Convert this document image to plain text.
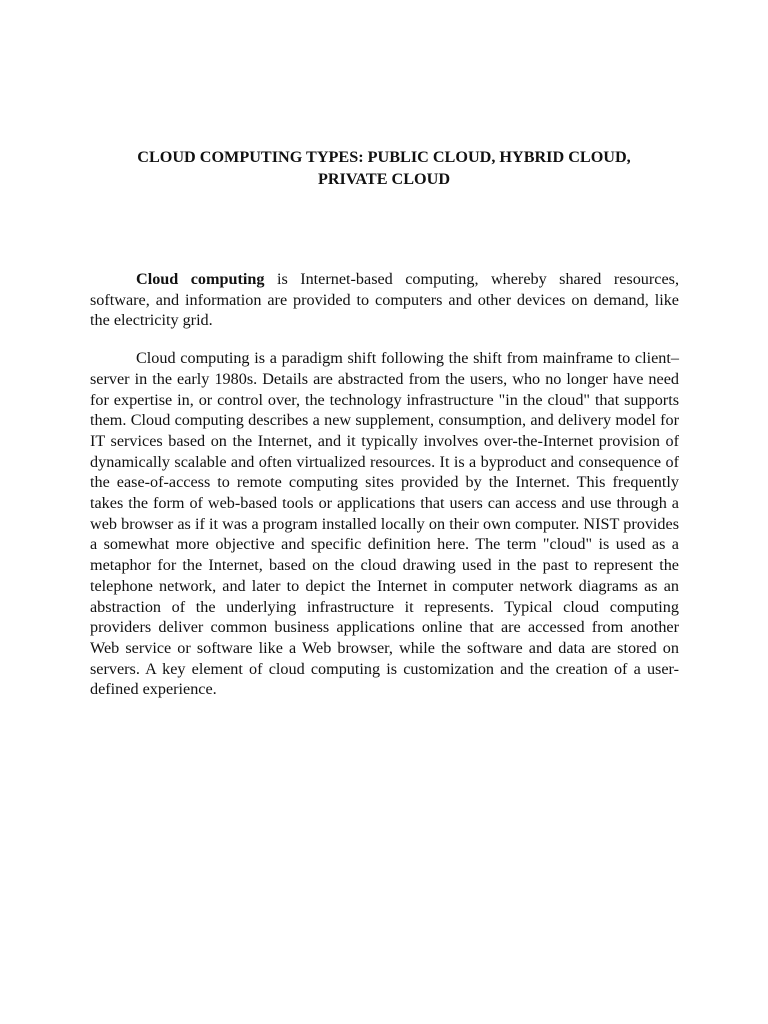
CLOUD COMPUTING TYPES: PUBLIC CLOUD, HYBRID CLOUD,
PRIVATE CLOUD

Cloud computing is Internet-based computing, whereby shared resources, software, and information are provided to computers and other devices on demand, like the electricity grid.

Cloud computing is a paradigm shift following the shift from mainframe to client–server in the early 1980s. Details are abstracted from the users, who no longer have need for expertise in, or control over, the technology infrastructure "in the cloud" that supports them. Cloud computing describes a new supplement, consumption, and delivery model for IT services based on the Internet, and it typically involves over-the-Internet provision of dynamically scalable and often virtualized resources. It is a byproduct and consequence of the ease-of-access to remote computing sites provided by the Internet. This frequently takes the form of web-based tools or applications that users can access and use through a web browser as if it was a program installed locally on their own computer. NIST provides a somewhat more objective and specific definition here. The term "cloud" is used as a metaphor for the Internet, based on the cloud drawing used in the past to represent the telephone network, and later to depict the Internet in computer network diagrams as an abstraction of the underlying infrastructure it represents. Typical cloud computing providers deliver common business applications online that are accessed from another Web service or software like a Web browser, while the software and data are stored on servers. A key element of cloud computing is customization and the creation of a user-defined experience.
